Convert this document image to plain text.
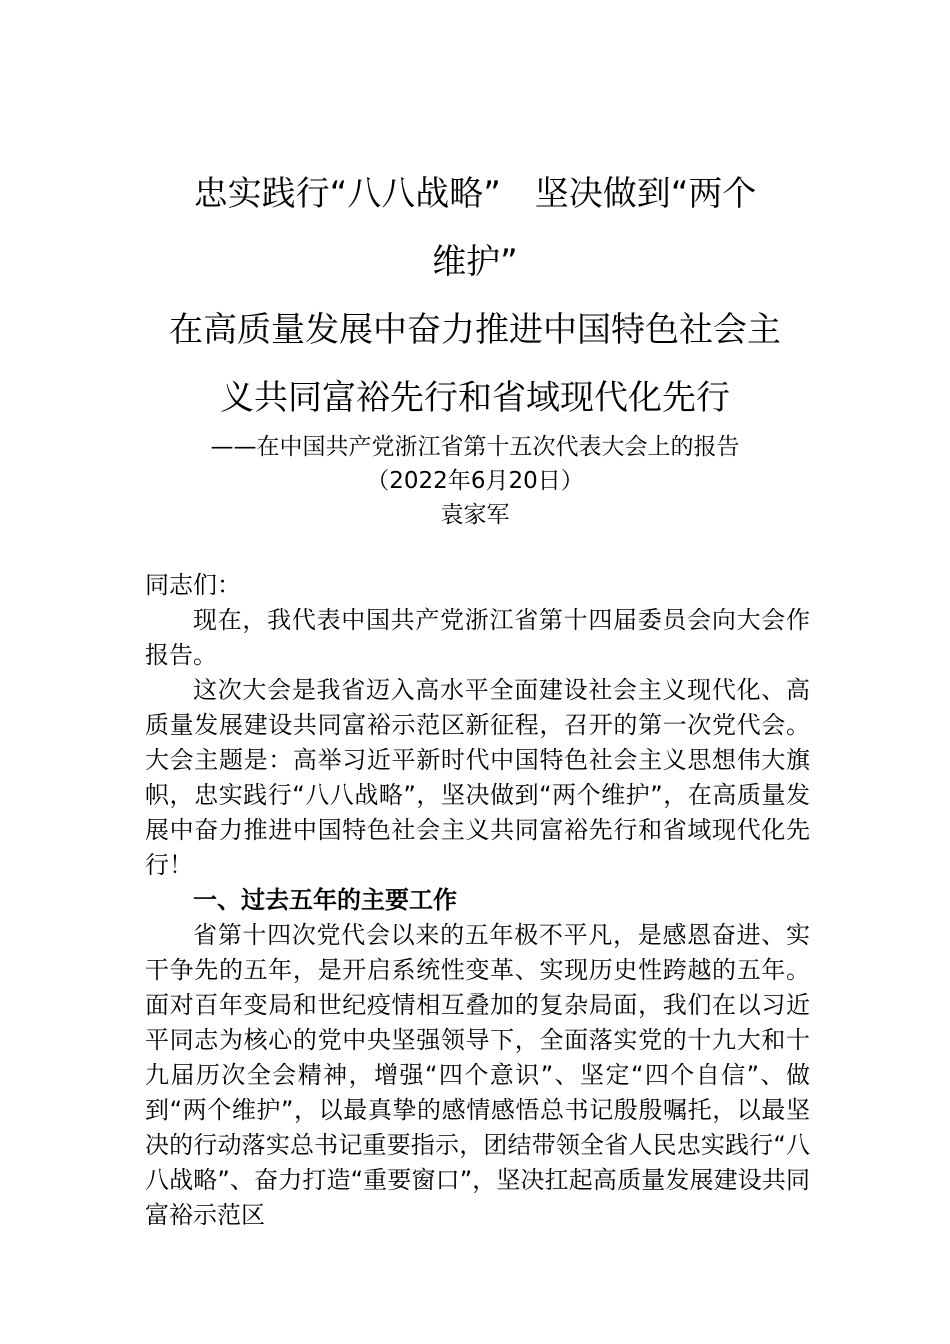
忠实践行“八八战略”　坚决做到“两个

维护”

在高质量发展中奋力推进中国特色社会主

义共同富裕先行和省域现代化先行

——在中国共产党浙江省第十五次代表大会上的报告

（2022年6月20日）

袁家军

同志们：

现在，我代表中国共产党浙江省第十四届委员会向大会作报告。

这次大会是我省迈入高水平全面建设社会主义现代化、高质量发展建设共同富裕示范区新征程，召开的第一次党代会。大会主题是：高举习近平新时代中国特色社会主义思想伟大旗帜，忠实践行“八八战略”，坚决做到“两个维护”，在高质量发展中奋力推进中国特色社会主义共同富裕先行和省域现代化先行！

一、过去五年的主要工作

省第十四次党代会以来的五年极不平凡，是感恩奋进、实干争先的五年，是开启系统性变革、实现历史性跨越的五年。面对百年变局和世纪疫情相互叠加的复杂局面，我们在以习近平同志为核心的党中央坚强领导下，全面落实党的十九大和十九届历次全会精神，增强“四个意识”、坚定“四个自信”、做到“两个维护”，以最真挚的感情感悟总书记殷殷嘱托，以最坚决的行动落实总书记重要指示，团结带领全省人民忠实践行“八八战略”、奋力打造“重要窗口”，坚决扛起高质量发展建设共同富裕示范区
